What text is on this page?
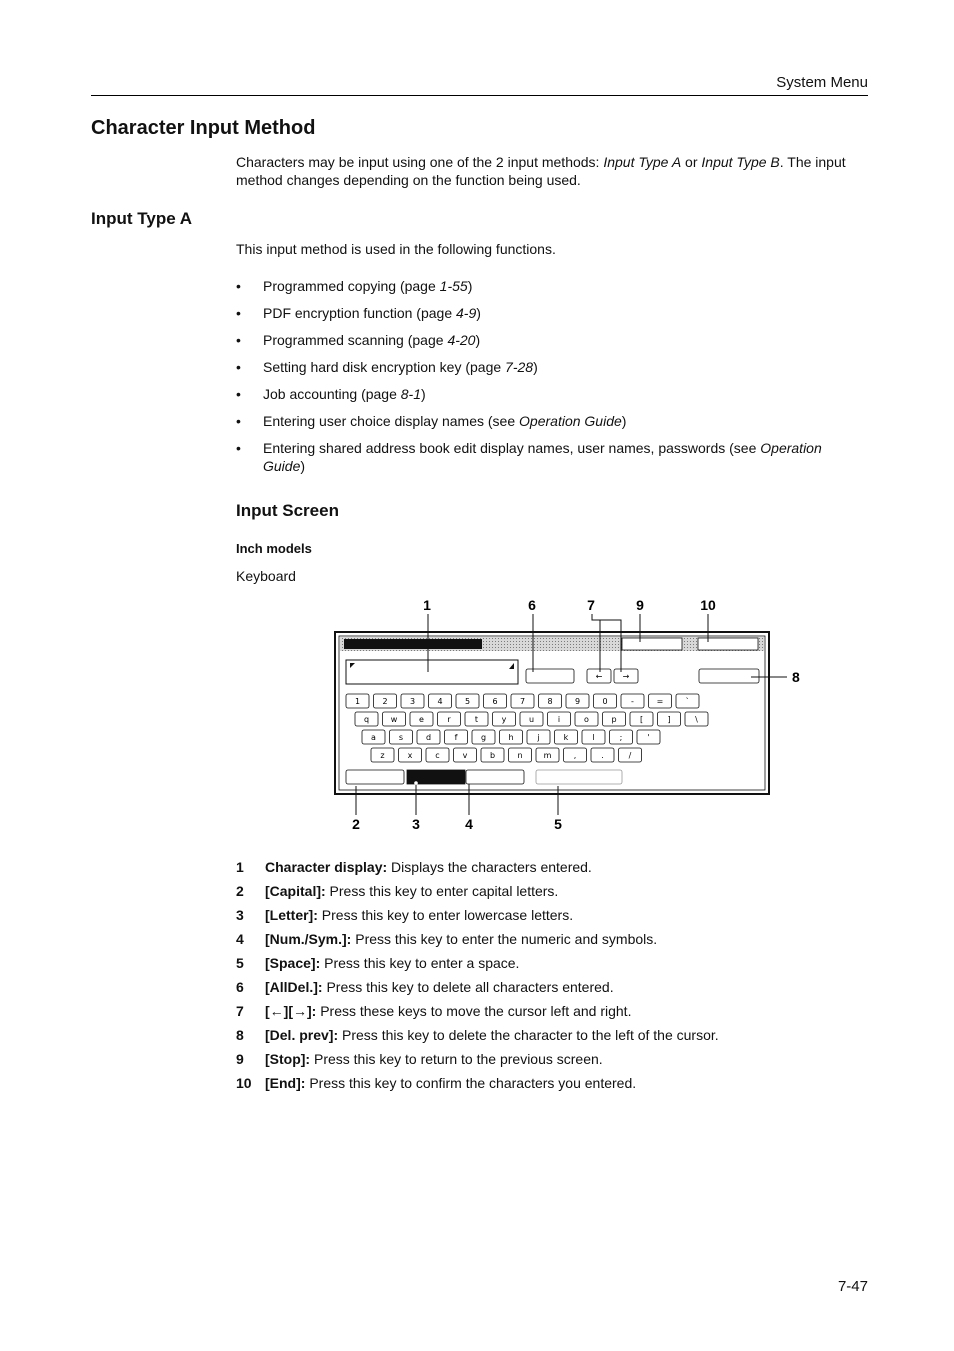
System Menu
Character Input Method

Characters may be input using one of the 2 input methods: Input Type A or Input Type B. The input method changes depending on the function being used.

Input Type A

This input method is used in the following functions.

• Programmed copying (page 1-55)
• PDF encryption function (page 4-9)
• Programmed scanning (page 4-20)
• Setting hard disk encryption key (page 7-28)
• Job accounting (page 8-1)
• Entering user choice display names (see Operation Guide)
• Entering shared address book edit display names, user names, passwords (see Operation Guide)
Input Screen

Inch models

Keyboard

←	→
1	2	3	4	5	6	7	8	9	0	-	=	`
q	w	e	r	t	y	u	i	o	p	[	]	\
a	s	d	f	g	h	j	k	l	;	'
z	x	c	v	b	n	m	,	.	/
1	6	7	9	10
8
2	3	4	5
1 Character display: Displays the characters entered.
2 [Capital]: Press this key to enter capital letters.
3 [Letter]: Press this key to enter lowercase letters.
4 [Num./Sym.]: Press this key to enter the numeric and symbols.
5 [Space]: Press this key to enter a space.
6 [AllDel.]: Press this key to delete all characters entered.
7 [←][→]: Press these keys to move the cursor left and right.
8 [Del. prev]: Press this key to delete the character to the left of the cursor.
9 [Stop]: Press this key to return to the previous screen.
10 [End]: Press this key to confirm the characters you entered.
7-47
